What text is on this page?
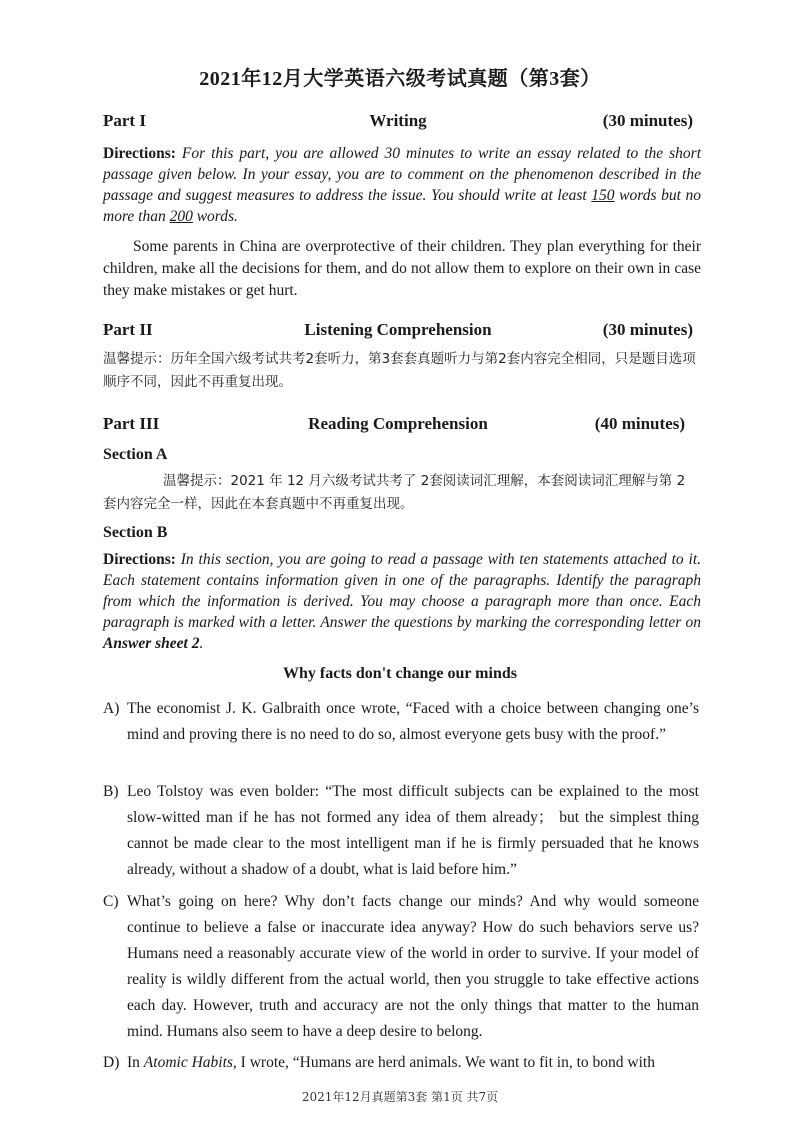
2021年12月大学英语六级考试真题（第3套）
Part I	Writing	(30 minutes)
Directions: For this part, you are allowed 30 minutes to write an essay related to the short passage given below. In your essay, you are to comment on the phenomenon described in the passage and suggest measures to address the issue. You should write at least 150 words but no more than 200 words.
Some parents in China are overprotective of their children. They plan everything for their children, make all the decisions for them, and do not allow them to explore on their own in case they make mistakes or get hurt.
Part II	Listening Comprehension	(30 minutes)
温馨提示：历年全国六级考试共考2套听力，第3套套真题听力与第2套内容完全相同，只是题目选项顺序不同，因此不再重复出现。
Part III	Reading Comprehension	(40 minutes)
Section A
温馨提示：2021 年 12 月六级考试共考了 2套阅读词汇理解，本套阅读词汇理解与第 2 套内容完全一样，因此在本套真题中不再重复出现。
Section B
Directions: In this section, you are going to read a passage with ten statements attached to it. Each statement contains information given in one of the paragraphs. Identify the paragraph from which the information is derived. You may choose a paragraph more than once. Each paragraph is marked with a letter. Answer the questions by marking the corresponding letter on Answer sheet 2.
Why facts don't change our minds
A) The economist J. K. Galbraith once wrote, “Faced with a choice between changing one’s mind and proving there is no need to do so, almost everyone gets busy with the proof.”
B) Leo Tolstoy was even bolder: “The most difficult subjects can be explained to the most slow-witted man if he has not formed any idea of them already； but the simplest thing cannot be made clear to the most intelligent man if he is firmly persuaded that he knows already, without a shadow of a doubt, what is laid before him.”
C) What’s going on here? Why don’t facts change our minds? And why would someone continue to believe a false or inaccurate idea anyway? How do such behaviors serve us? Humans need a reasonably accurate view of the world in order to survive. If your model of reality is wildly different from the actual world, then you struggle to take effective actions each day. However, truth and accuracy are not the only things that matter to the human mind. Humans also seem to have a deep desire to belong.
D) In Atomic Habits, I wrote, “Humans are herd animals. We want to fit in, to bond with
2021年12月真题第3套 第1页 共7页
